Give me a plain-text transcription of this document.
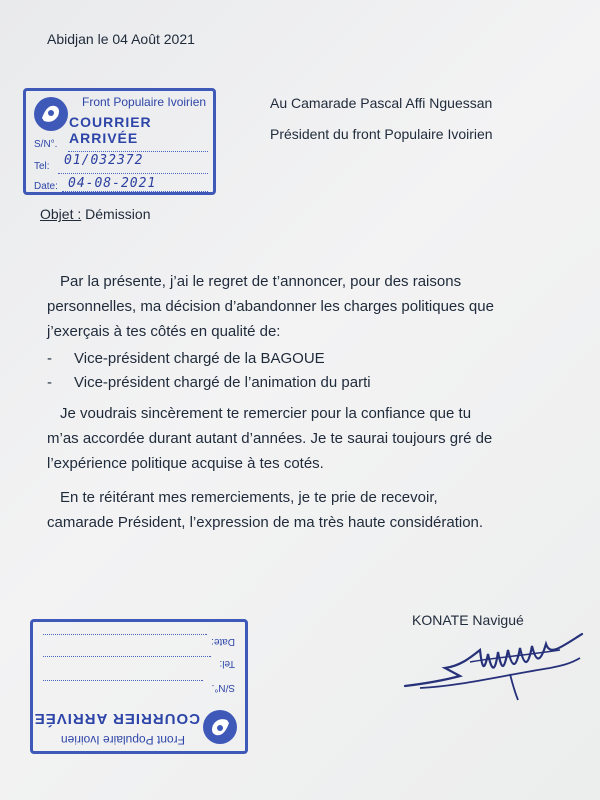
Abidjan le 04 Août 2021
Front Populaire Ivoirien
COURRIER ARRIVÉE
S/N°.
Tel: 01/032372
Date: 04-08-2021
Au Camarade Pascal Affi Nguessan
Président du front Populaire Ivoirien
Objet : Démission
Par la présente, j’ai le regret de t’annoncer, pour des raisons
personnelles, ma décision d’abandonner les charges politiques que
j’exerçais à tes côtés en qualité de:
- Vice-président chargé de la BAGOUE
- Vice-président chargé de l’animation du parti
Je voudrais sincèrement te remercier pour la confiance que tu
m’as accordée durant autant d’années. Je te saurai toujours gré de
l’expérience politique acquise à tes cotés.
En te réitérant mes remerciements, je te prie de recevoir,
camarade Président, l’expression de ma très haute considération.
KONATE Navigué
Front Populaire Ivoirien
COURRIER ARRIVÉE
S/N°.
Tel:
Date:
